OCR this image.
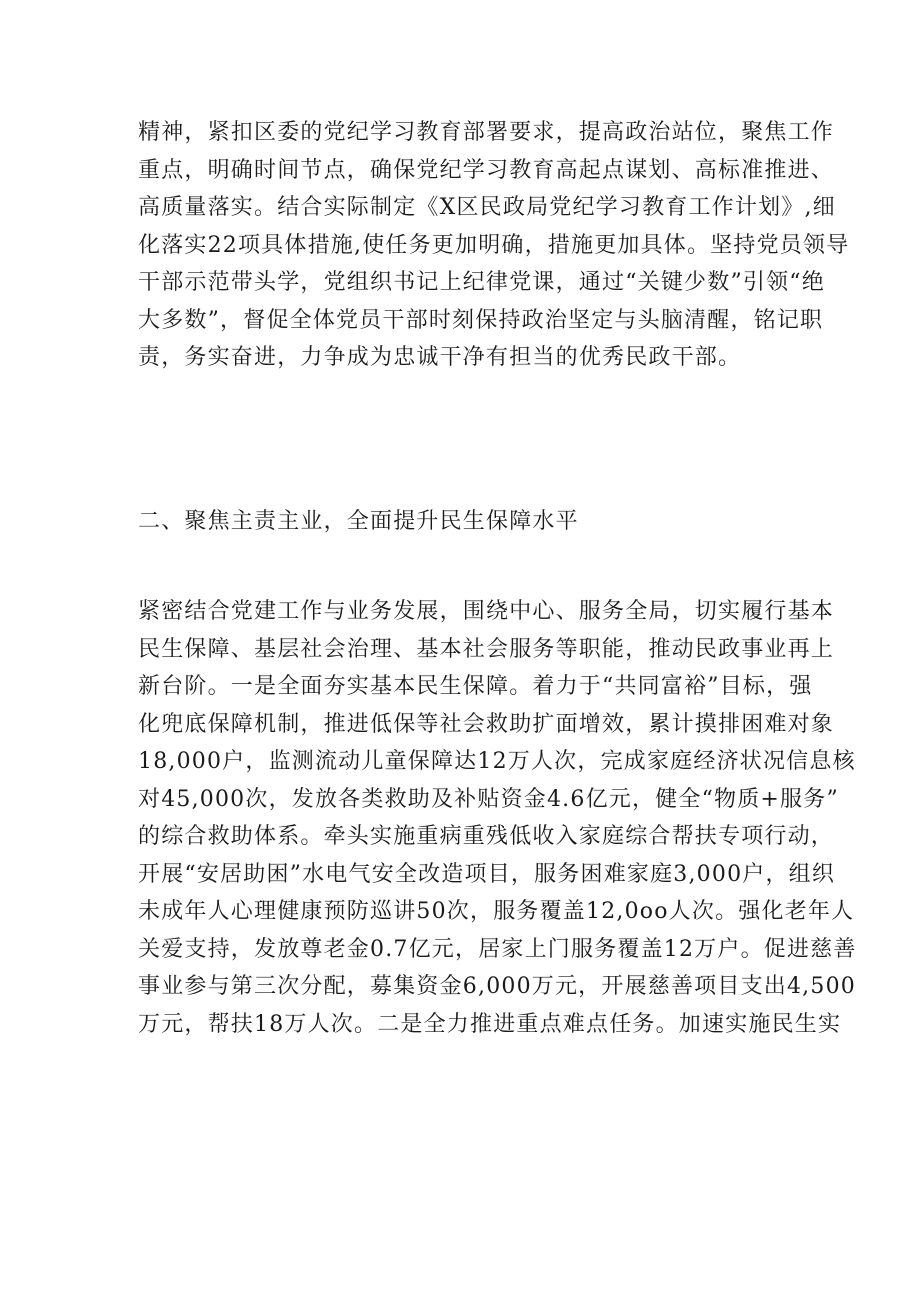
精神，紧扣区委的党纪学习教育部署要求，提高政治站位，聚焦工作
重点，明确时间节点，确保党纪学习教育高起点谋划、高标准推进、
高质量落实。结合实际制定《X区民政局党纪学习教育工作计划》,细
化落实22项具体措施,使任务更加明确，措施更加具体。坚持党员领导
干部示范带头学，党组织书记上纪律党课，通过“关键少数”引领“绝
大多数”，督促全体党员干部时刻保持政治坚定与头脑清醒，铭记职
责，务实奋进，力争成为忠诚干净有担当的优秀民政干部。
二、聚焦主责主业，全面提升民生保障水平
紧密结合党建工作与业务发展，围绕中心、服务全局，切实履行基本
民生保障、基层社会治理、基本社会服务等职能，推动民政事业再上
新台阶。一是全面夯实基本民生保障。着力于“共同富裕”目标，强
化兜底保障机制，推进低保等社会救助扩面增效，累计摸排困难对象
18,000户，监测流动儿童保障达12万人次，完成家庭经济状况信息核
对45,000次，发放各类救助及补贴资金4.6亿元，健全“物质+服务”
的综合救助体系。牵头实施重病重残低收入家庭综合帮扶专项行动，
开展“安居助困”水电气安全改造项目，服务困难家庭3,000户，组织
未成年人心理健康预防巡讲50次，服务覆盖12,0oo人次。强化老年人
关爱支持，发放尊老金0.7亿元，居家上门服务覆盖12万户。促进慈善
事业参与第三次分配，募集资金6,000万元，开展慈善项目支出4,500
万元，帮扶18万人次。二是全力推进重点难点任务。加速实施民生实
